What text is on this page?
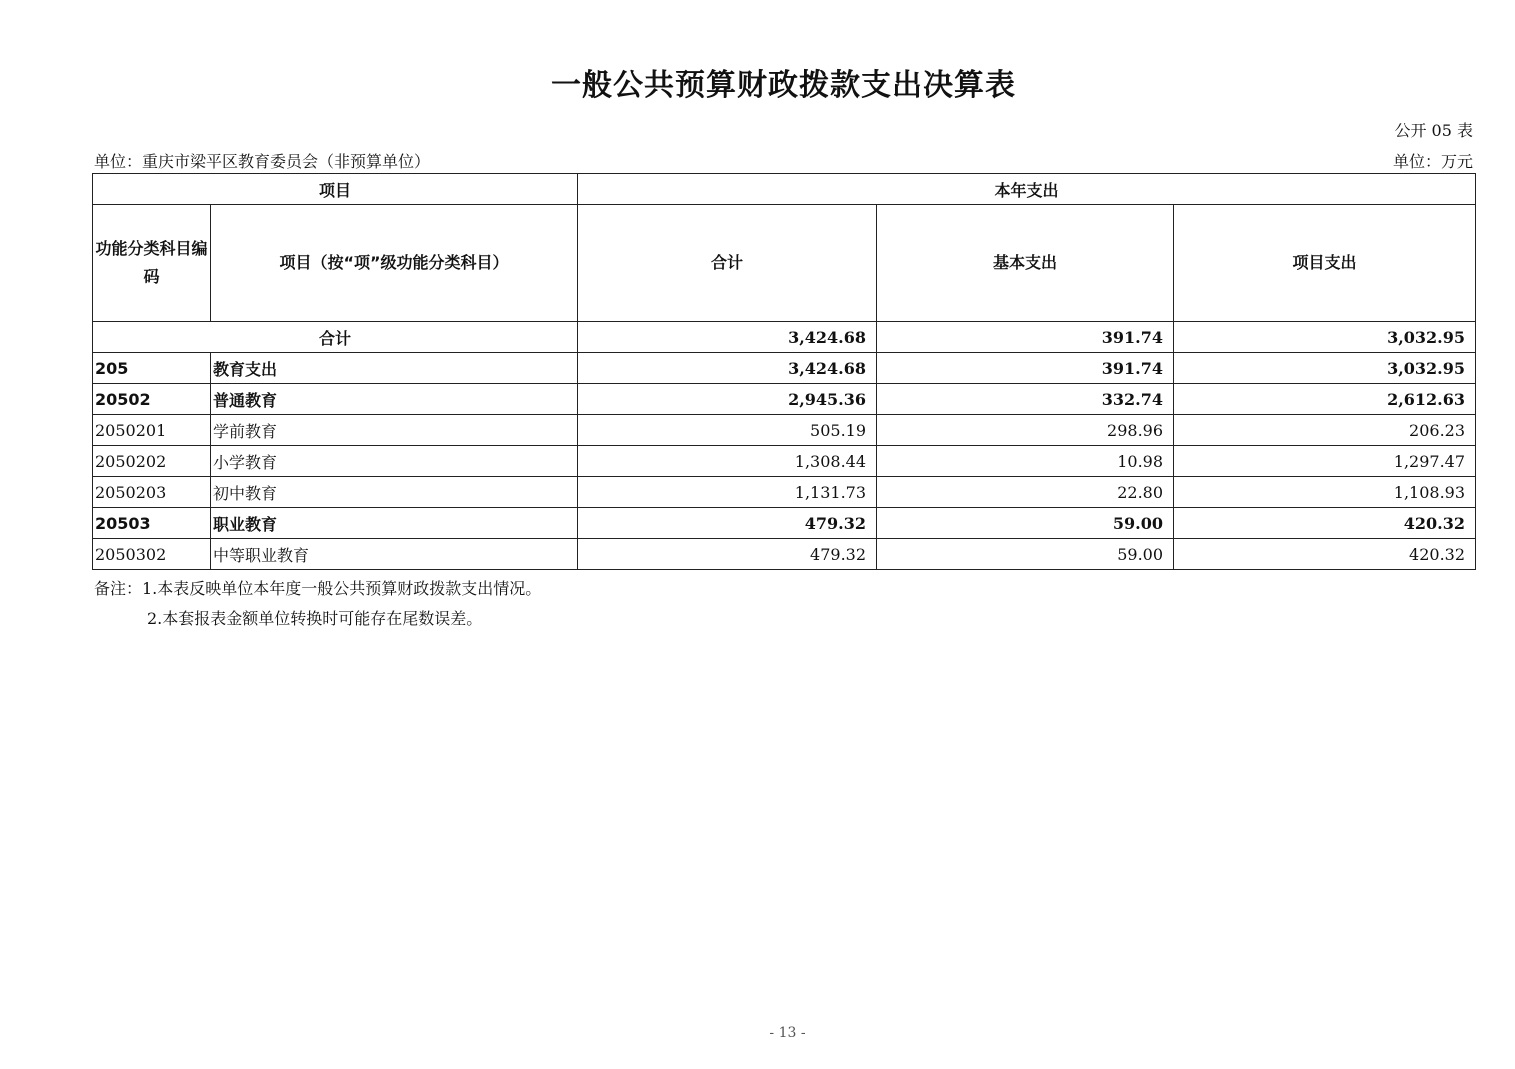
一般公共预算财政拨款支出决算表
公开 05 表
单位：重庆市梁平区教育委员会（非预算单位）	单位：万元
项目		本年支出		
功能分类科目编码	项目（按“项”级功能分类科目）	合计	基本支出	项目支出
合计		3,424.68	391.74	3,032.95
205	教育支出	3,424.68	391.74	3,032.95
20502	普通教育	2,945.36	332.74	2,612.63
2050201	学前教育	505.19	298.96	206.23
2050202	小学教育	1,308.44	10.98	1,297.47
2050203	初中教育	1,131.73	22.80	1,108.93
20503	职业教育	479.32	59.00	420.32
2050302	中等职业教育	479.32	59.00	420.32
备注：1.本表反映单位本年度一般公共预算财政拨款支出情况。
2.本套报表金额单位转换时可能存在尾数误差。
- 13 -
